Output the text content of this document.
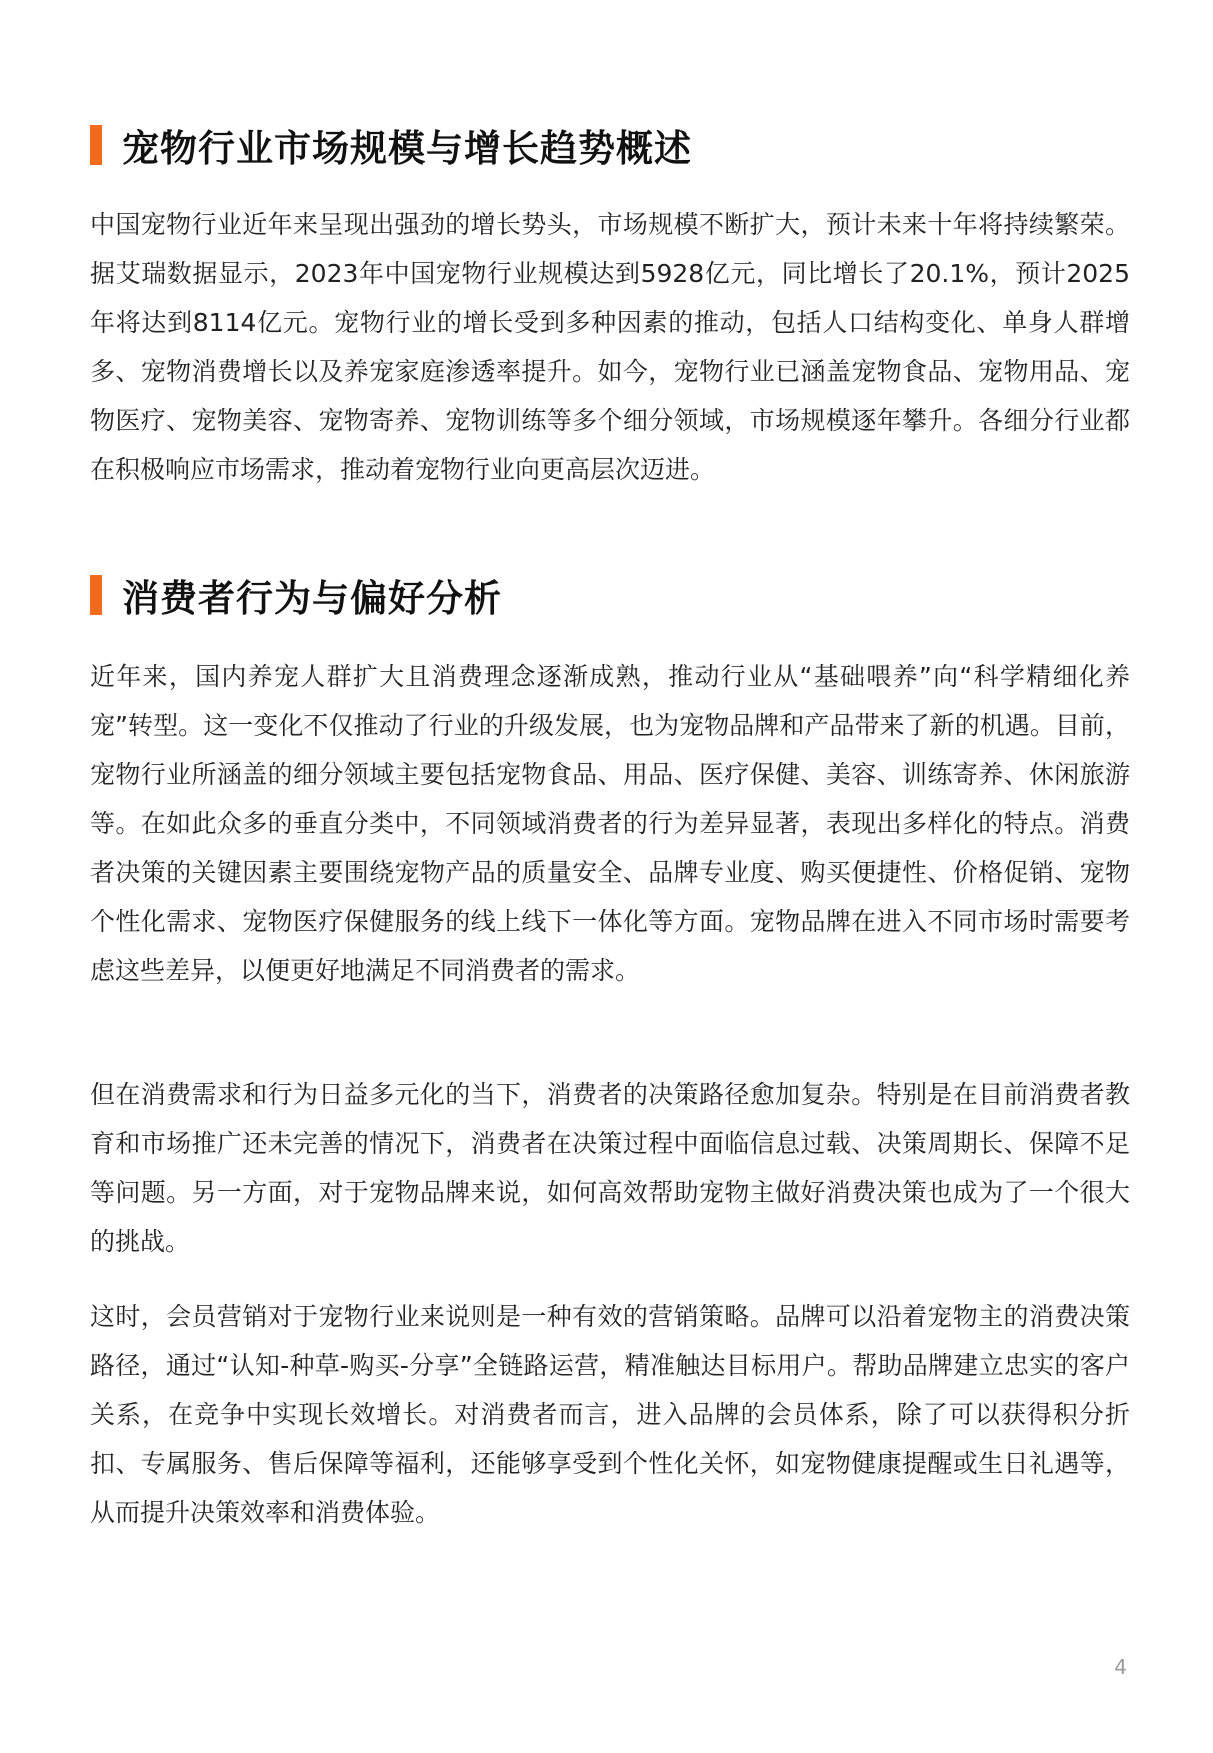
宠物行业市场规模与增长趋势概述

中国宠物行业近年来呈现出强劲的增长势头，市场规模不断扩大，预计未来十年将持续繁荣。据艾瑞数据显示，2023年中国宠物行业规模达到5928亿元，同比增长了20.1%，预计2025年将达到8114亿元。宠物行业的增长受到多种因素的推动，包括人口结构变化、单身人群增多、宠物消费增长以及养宠家庭渗透率提升。如今，宠物行业已涵盖宠物食品、宠物用品、宠物医疗、宠物美容、宠物寄养、宠物训练等多个细分领域，市场规模逐年攀升。各细分行业都在积极响应市场需求，推动着宠物行业向更高层次迈进。

消费者行为与偏好分析

近年来，国内养宠人群扩大且消费理念逐渐成熟，推动行业从“基础喂养”向“科学精细化养宠”转型。这一变化不仅推动了行业的升级发展，也为宠物品牌和产品带来了新的机遇。目前，宠物行业所涵盖的细分领域主要包括宠物食品、用品、医疗保健、美容、训练寄养、休闲旅游等。在如此众多的垂直分类中，不同领域消费者的行为差异显著，表现出多样化的特点。消费者决策的关键因素主要围绕宠物产品的质量安全、品牌专业度、购买便捷性、价格促销、宠物个性化需求、宠物医疗保健服务的线上线下一体化等方面。宠物品牌在进入不同市场时需要考虑这些差异，以便更好地满足不同消费者的需求。

但在消费需求和行为日益多元化的当下，消费者的决策路径愈加复杂。特别是在目前消费者教育和市场推广还未完善的情况下，消费者在决策过程中面临信息过载、决策周期长、保障不足等问题。另一方面，对于宠物品牌来说，如何高效帮助宠物主做好消费决策也成为了一个很大的挑战。

这时，会员营销对于宠物行业来说则是一种有效的营销策略。品牌可以沿着宠物主的消费决策路径，通过“认知-种草-购买-分享”全链路运营，精准触达目标用户。帮助品牌建立忠实的客户关系，在竞争中实现长效增长。对消费者而言，进入品牌的会员体系，除了可以获得积分折扣、专属服务、售后保障等福利，还能够享受到个性化关怀，如宠物健康提醒或生日礼遇等，从而提升决策效率和消费体验。

4
